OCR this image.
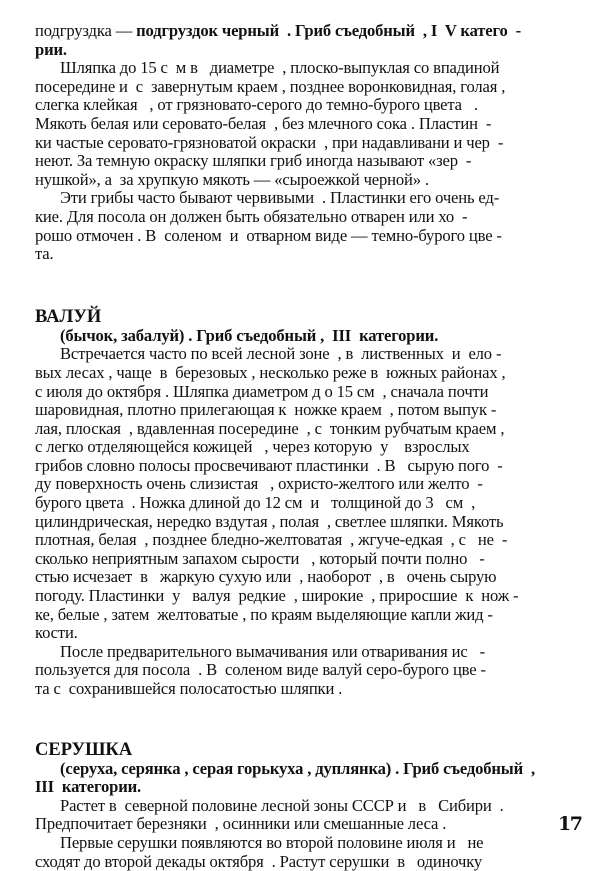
подгруздка — подгруздок черный  . Гриб съедобный  , I  V катего  -
рии.
Шляпка до 15 с  м в   диаметре  , плоско-выпуклая со впадиной
посередине и  с  завернутым краем , позднее воронковидная, голая ,
слегка клейкая   , от грязновато-серого до темно-бурого цвета   .
Мякоть белая или серовато-белая  , без млечного сока . Пластин  -
ки частые серовато-грязноватой окраски  , при надавливани и чер  -
неют. За темную окраску шляпки гриб иногда называют «зер  -
нушкой», а  за хрупкую мякоть — «сыроежкой черной» .
Эти грибы часто бывают червивыми  . Пластинки его очень ед-
кие. Для посола он должен быть обязательно отварен или хо  -
рошо отмочен . В  соленом  и  отварном виде — темно-бурого цве -
та.
ВАЛУЙ
(бычок, забалуй) . Гриб съедобный ,  III  категории.
Встречается часто по всей лесной зоне  , в  лиственных  и  ело -
вых лесах , чаще  в  березовых , несколько реже в  южных районах ,
с июля до октября . Шляпка диаметром д о 15 см  , сначала почти
шаровидная, плотно прилегающая к  ножке краем  , потом выпук -
лая, плоская  , вдавленная посередине  , с  тонким рубчатым краем ,
с легко отделяющейся кожицей   , через которую  у    взрослых
грибов словно полосы просвечивают пластинки  . В   сырую пого  -
ду поверхность очень слизистая   , охристо-желтого или желто  -
бурого цвета  . Ножка длиной до 12 см  и   толщиной до 3   см  ,
цилиндрическая, нередко вздутая , полая  , светлее шляпки. Мякоть
плотная, белая  , позднее бледно-желтоватая  , жгуче-едкая  , с   не  -
сколько неприятным запахом сырости   , который почти полно   -
стью исчезает  в   жаркую сухую или  , наоборот  , в   очень сырую
погоду. Пластинки  у   валуя  редкие  , широкие  , приросшие  к  нож -
ке, белые , затем  желтоватые , по краям выделяющие капли жид -
кости.
После предварительного вымачивания или отваривания ис   -
пользуется для посола  . В  соленом виде валуй серо-бурого цве -
та с  сохранившейся полосатостью шляпки .
СЕРУШКА
(серуха, серянка , серая горькуха , дуплянка) . Гриб съедобный  ,
III  категории.
Растет в  северной половине лесной зоны СССР и   в   Сибири  .
Предпочитает березняки  , осинники или смешанные леса .
Первые серушки появляются во второй половине июля и   не
сходят до второй декады октября  . Растут серушки  в   одиночку
17
